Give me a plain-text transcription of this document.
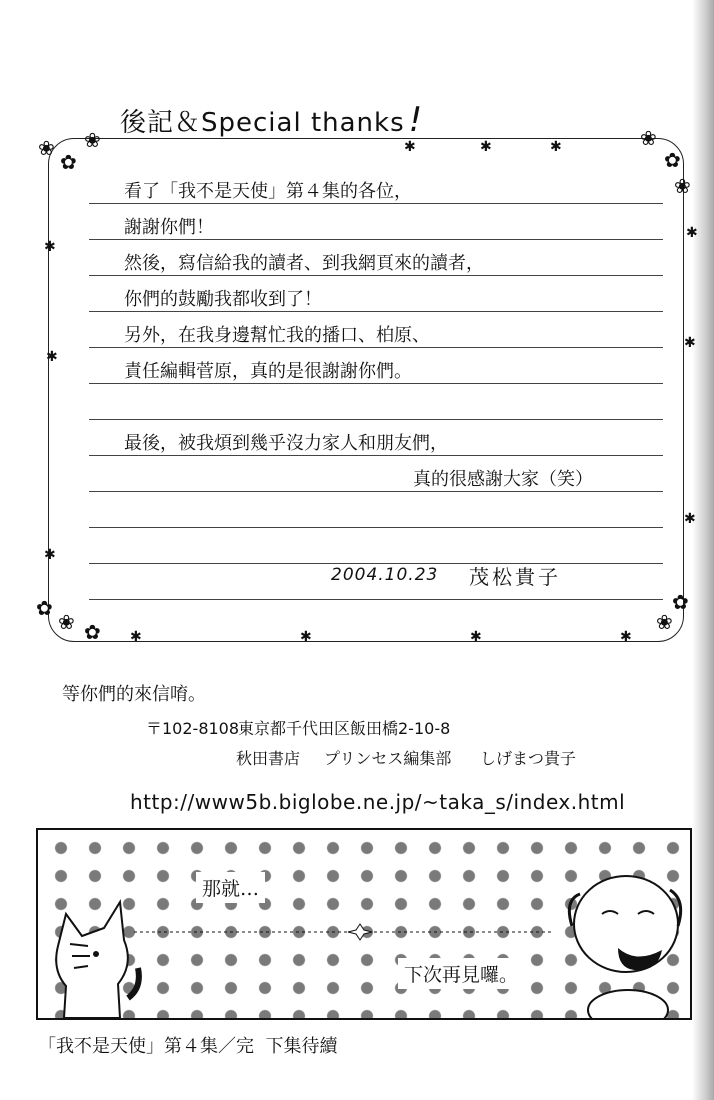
後記＆Special thanks !
看了「我不是天使」第４集的各位，
謝謝你們！
然後，寫信給我的讀者、到我網頁來的讀者，
你們的鼓勵我都收到了！
另外，在我身邊幫忙我的播口、柏原、
責任編輯菅原，真的是很謝謝你們。
最後，被我煩到幾乎沒力家人和朋友們，
真的很感謝大家（笑）
2004.10.23 茂松貴子
❀
✿
❀	❀
✿
❀
✿
❀ ✿	❀
✿
✱
✱
✱
✱
✱
✱
✱	✱	✱
✱	✱	✱	✱
等你們的來信唷。
〒102-8108
東京都千代田区飯田橋2-10-8
秋田書店 プリンセス編集部 しげまつ貴子
http://www5b.biglobe.ne.jp/~taka_s/index.html
那就…
下次再見囉。
「我不是天使」第４集／完 下集待續
